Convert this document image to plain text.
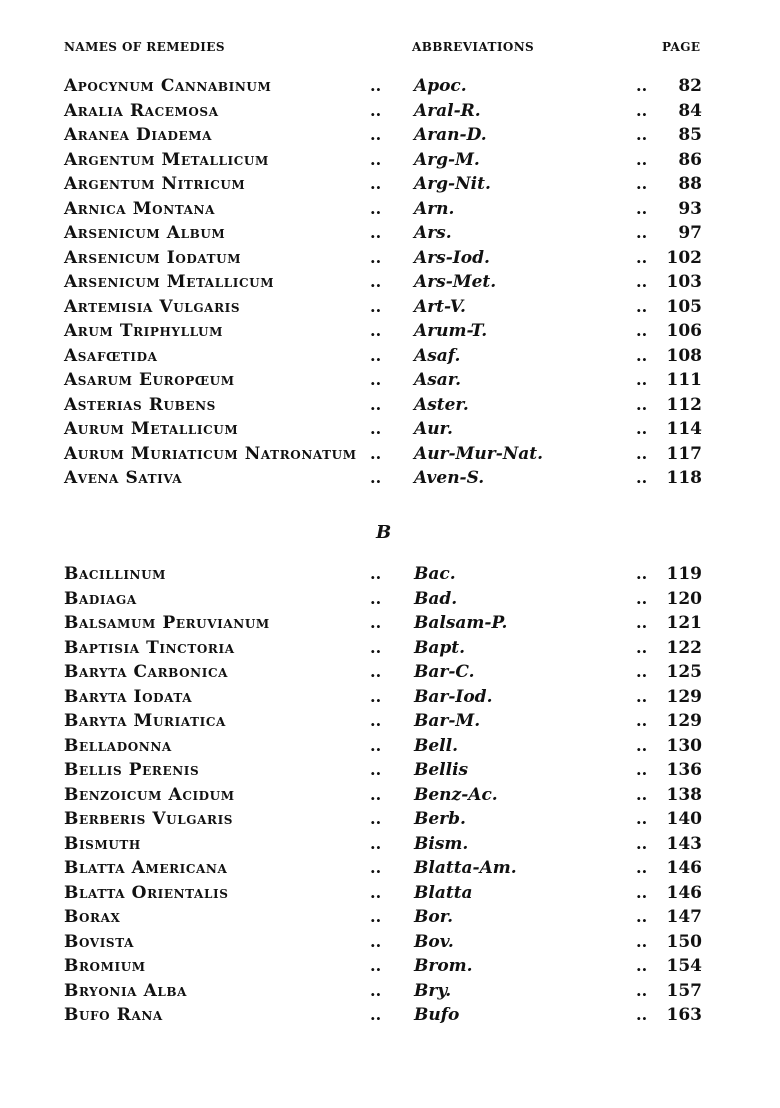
NAMES OF REMEDIES	ABBREVIATIONS	PAGE
Apocynum Cannabinum	.. Apoc.	.. 82
Aralia Racemosa	.. Aral-R.	.. 84
Aranea Diadema	.. Aran-D.	.. 85
Argentum Metallicum	.. Arg-M.	.. 86
Argentum Nitricum	.. Arg-Nit.	.. 88
Arnica Montana	.. Arn.	.. 93
Arsenicum Album	.. Ars.	.. 97
Arsenicum Iodatum	.. Ars-Iod.	.. 102
Arsenicum Metallicum	.. Ars-Met.	.. 103
Artemisia Vulgaris	.. Art-V.	.. 105
Arum Triphyllum	.. Arum-T.	.. 106
Asafœtida	.. Asaf.	.. 108
Asarum Europœum	.. Asar.	.. 111
Asterias Rubens	.. Aster.	.. 112
Aurum Metallicum	.. Aur.	.. 114
Aurum Muriaticum Natronatum .. Aur-Mur-Nat.	.. 117
Avena Sativa	.. Aven-S.	.. 118
B
Bacillinum	.. Bac.	.. 119
Badiaga	.. Bad.	.. 120
Balsamum Peruvianum	.. Balsam-P.	.. 121
Baptisia Tinctoria	.. Bapt.	.. 122
Baryta Carbonica	.. Bar-C.	.. 125
Baryta Iodata	.. Bar-Iod.	.. 129
Baryta Muriatica	.. Bar-M.	.. 129
Belladonna	.. Bell.	.. 130
Bellis Perenis	.. Bellis	.. 136
Benzoicum Acidum	.. Benz-Ac.	.. 138
Berberis Vulgaris	.. Berb.	.. 140
Bismuth	.. Bism.	.. 143
Blatta Americana	.. Blatta-Am.	.. 146
Blatta Orientalis	.. Blatta	.. 146
Borax	.. Bor.	.. 147
Bovista	.. Bov.	.. 150
Bromium	.. Brom.	.. 154
Bryonia Alba	.. Bry.	.. 157
Bufo Rana	.. Bufo	.. 163
